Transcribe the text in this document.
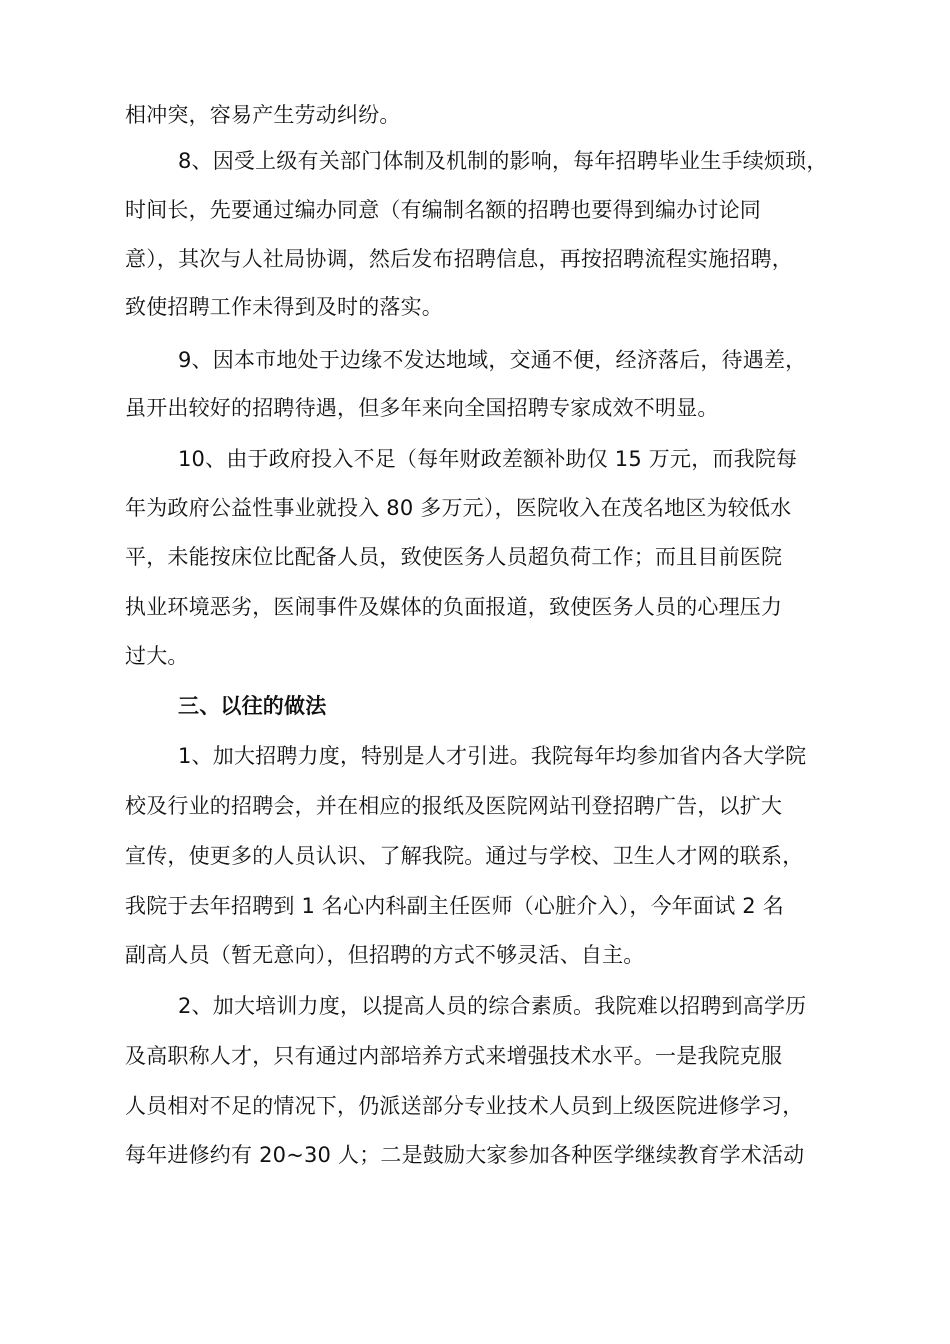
相冲突，容易产生劳动纠纷。
8、因受上级有关部门体制及机制的影响，每年招聘毕业生手续烦琐，
时间长，先要通过编办同意（有编制名额的招聘也要得到编办讨论同
意），其次与人社局协调，然后发布招聘信息，再按招聘流程实施招聘，
致使招聘工作未得到及时的落实。
9、因本市地处于边缘不发达地域，交通不便，经济落后，待遇差，
虽开出较好的招聘待遇，但多年来向全国招聘专家成效不明显。
10、由于政府投入不足（每年财政差额补助仅 15 万元，而我院每
年为政府公益性事业就投入 80 多万元），医院收入在茂名地区为较低水
平，未能按床位比配备人员，致使医务人员超负荷工作；而且目前医院
执业环境恶劣，医闹事件及媒体的负面报道，致使医务人员的心理压力
过大。
三、以往的做法
1、加大招聘力度，特别是人才引进。我院每年均参加省内各大学院
校及行业的招聘会，并在相应的报纸及医院网站刊登招聘广告，以扩大
宣传，使更多的人员认识、了解我院。通过与学校、卫生人才网的联系，
我院于去年招聘到 1 名心内科副主任医师（心脏介入），今年面试 2 名
副高人员（暂无意向），但招聘的方式不够灵活、自主。
2、加大培训力度，以提高人员的综合素质。我院难以招聘到高学历
及高职称人才，只有通过内部培养方式来增强技术水平。一是我院克服
人员相对不足的情况下，仍派送部分专业技术人员到上级医院进修学习，
每年进修约有 20~30 人；二是鼓励大家参加各种医学继续教育学术活动
